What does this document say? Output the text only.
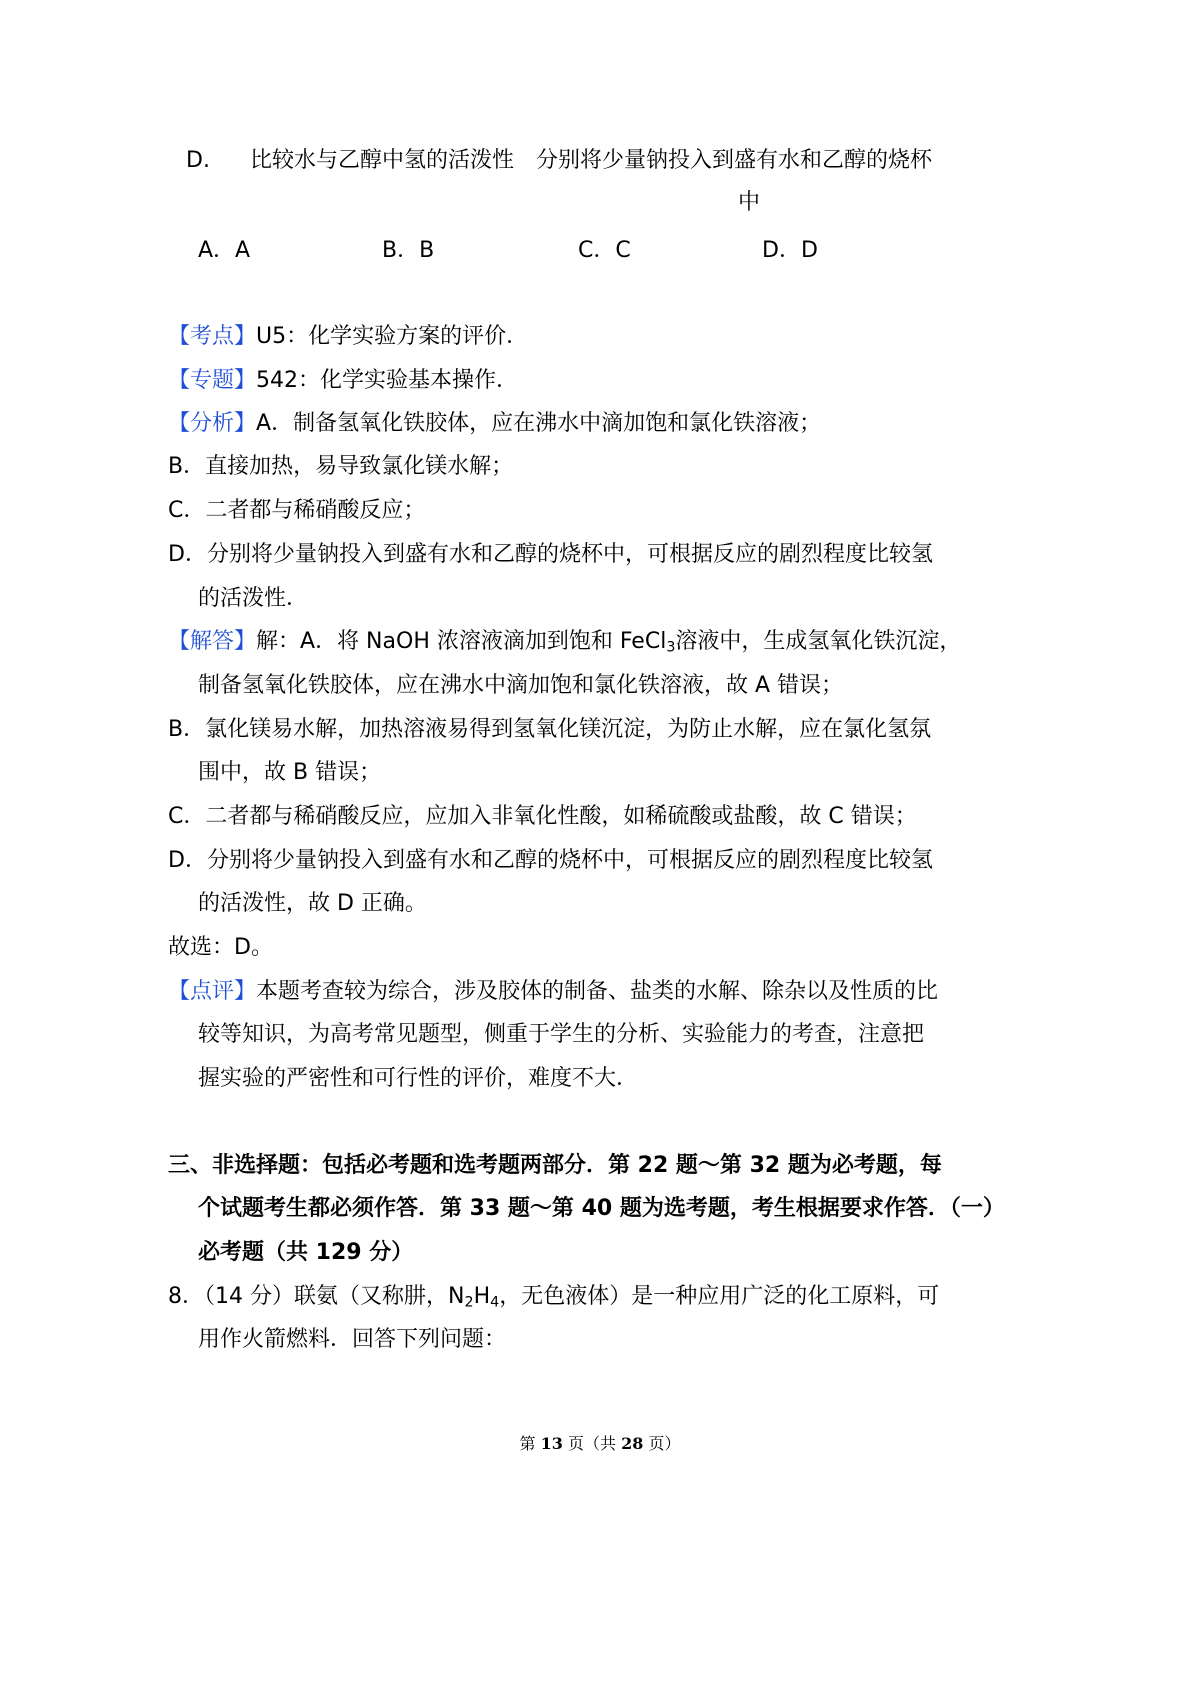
D. 比较水与乙醇中氢的活泼性 分别将少量钠投入到盛有水和乙醇的烧杯
中
A．A	B．B	C．C	D．D
【考点】U5：化学实验方案的评价．
【专题】542：化学实验基本操作．
【分析】A．制备氢氧化铁胶体，应在沸水中滴加饱和氯化铁溶液；
B．直接加热，易导致氯化镁水解；
C．二者都与稀硝酸反应；
D．分别将少量钠投入到盛有水和乙醇的烧杯中，可根据反应的剧烈程度比较氢
的活泼性．
【解答】解：A．将 NaOH 浓溶液滴加到饱和 FeCl$_3$溶液中，生成氢氧化铁沉淀，
制备氢氧化铁胶体，应在沸水中滴加饱和氯化铁溶液，故 A 错误；
B．氯化镁易水解，加热溶液易得到氢氧化镁沉淀，为防止水解，应在氯化氢氛
围中，故 B 错误；
C．二者都与稀硝酸反应，应加入非氧化性酸，如稀硫酸或盐酸，故 C 错误；
D．分别将少量钠投入到盛有水和乙醇的烧杯中，可根据反应的剧烈程度比较氢
的活泼性，故 D 正确。
故选：D。
【点评】本题考查较为综合，涉及胶体的制备、盐类的水解、除杂以及性质的比
较等知识，为高考常见题型，侧重于学生的分析、实验能力的考查，注意把
握实验的严密性和可行性的评价，难度不大．
三、非选择题：包括必考题和选考题两部分．第 22 题～第 32 题为必考题，每
个试题考生都必须作答．第 33 题～第 40 题为选考题，考生根据要求作答．（一）
必考题（共 129 分）
8．（14 分）联氨（又称肼，$N_2H_4$，无色液体）是一种应用广泛的化工原料，可
用作火箭燃料．回答下列问题：
第 13 页（共 28 页）
